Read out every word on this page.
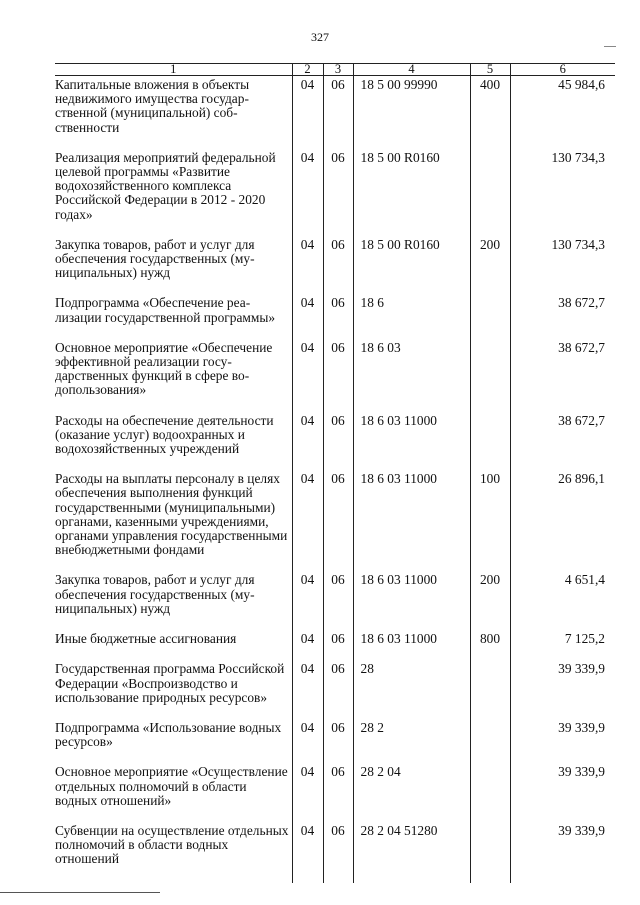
327
1	2	3	4	5	6
Капитальные вложения в объекты недвижимого имущества государственной (муниципальной) собственности	04	06	18 5 00 99990	400	45 984,6
Реализация мероприятий федеральной целевой программы «Развитие водохозяйственного комплекса Российской Федерации в 2012 - 2020 годах»	04	06	18 5 00 R0160		130 734,3
Закупка товаров, работ и услуг для обеспечения государственных (муниципальных) нужд	04	06	18 5 00 R0160	200	130 734,3
Подпрограмма «Обеспечение реализации государственной программы»	04	06	18 6		38 672,7
Основное мероприятие «Обеспечение эффективной реализации государственных функций в сфере водопользования»	04	06	18 6 03		38 672,7
Расходы на обеспечение деятельности (оказание услуг) водоохранных и водохозяйственных учреждений	04	06	18 6 03 11000		38 672,7
Расходы на выплаты персоналу в целях обеспечения выполнения функций государственными (муниципальными) органами, казенными учреждениями, органами управления государственными внебюджетными фондами	04	06	18 6 03 11000	100	26 896,1
Закупка товаров, работ и услуг для обеспечения государственных (муниципальных) нужд	04	06	18 6 03 11000	200	4 651,4
Иные бюджетные ассигнования	04	06	18 6 03 11000	800	7 125,2
Государственная программа Российской Федерации «Воспроизводство и использование природных ресурсов»	04	06	28		39 339,9
Подпрограмма «Использование водных ресурсов»	04	06	28 2		39 339,9
Основное мероприятие «Осуществление отдельных полномочий в области водных отношений»	04	06	28 2 04		39 339,9
Субвенции на осуществление отдельных полномочий в области водных отношений	04	06	28 2 04 51280		39 339,9
